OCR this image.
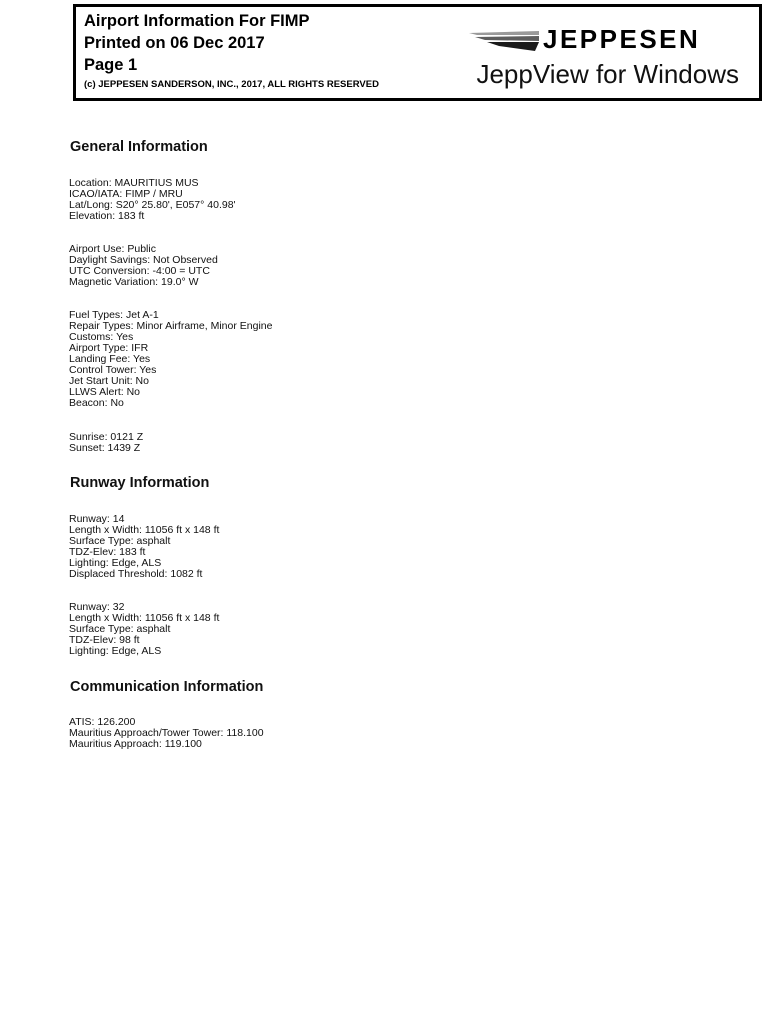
Airport Information For FIMP
Printed on 06 Dec 2017
Page 1
(c) JEPPESEN SANDERSON, INC., 2017, ALL RIGHTS RESERVED
JEPPESEN
JeppView for Windows
General Information
Location: MAURITIUS MUS
ICAO/IATA: FIMP / MRU
Lat/Long: S20° 25.80', E057° 40.98'
Elevation: 183 ft
Airport Use: Public
Daylight Savings: Not Observed
UTC Conversion: -4:00 = UTC
Magnetic Variation: 19.0° W
Fuel Types: Jet A-1
Repair Types: Minor Airframe, Minor Engine
Customs: Yes
Airport Type: IFR
Landing Fee: Yes
Control Tower: Yes
Jet Start Unit: No
LLWS Alert: No
Beacon: No
Sunrise: 0121 Z
Sunset: 1439 Z
Runway Information
Runway: 14
Length x Width: 11056 ft x 148 ft
Surface Type: asphalt
TDZ-Elev: 183 ft
Lighting: Edge, ALS
Displaced Threshold: 1082 ft
Runway: 32
Length x Width: 11056 ft x 148 ft
Surface Type: asphalt
TDZ-Elev: 98 ft
Lighting: Edge, ALS
Communication Information
ATIS: 126.200
Mauritius Approach/Tower Tower: 118.100
Mauritius Approach: 119.100
